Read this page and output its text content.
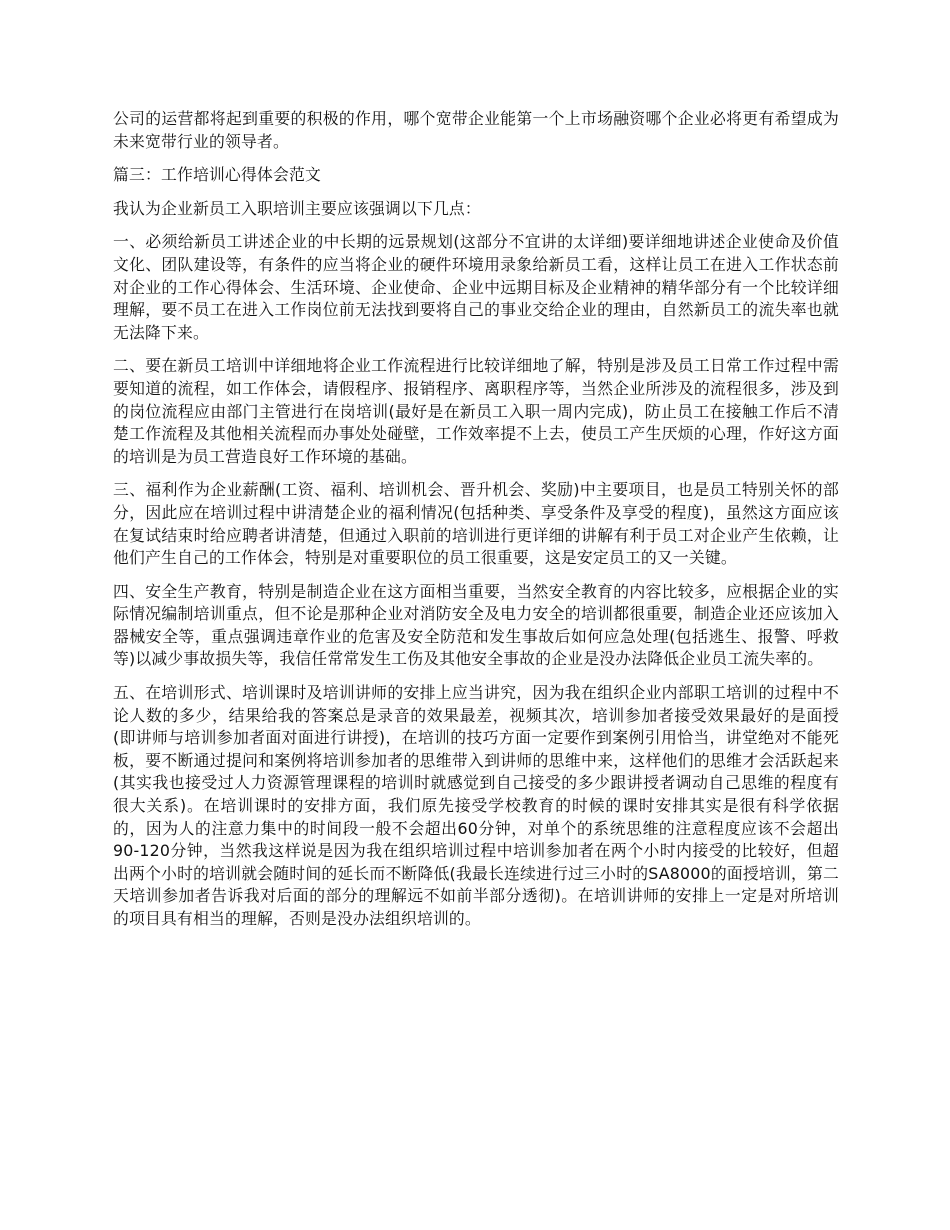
公司的运营都将起到重要的积极的作用，哪个宽带企业能第一个上市场融资哪个企业必将更有希望成为未来宽带行业的领导者。

篇三：工作培训心得体会范文

我认为企业新员工入职培训主要应该强调以下几点：

一、必须给新员工讲述企业的中长期的远景规划(这部分不宜讲的太详细)要详细地讲述企业使命及价值文化、团队建设等，有条件的应当将企业的硬件环境用录象给新员工看，这样让员工在进入工作状态前对企业的工作心得体会、生活环境、企业使命、企业中远期目标及企业精神的精华部分有一个比较详细理解，要不员工在进入工作岗位前无法找到要将自己的事业交给企业的理由，自然新员工的流失率也就无法降下来。

二、要在新员工培训中详细地将企业工作流程进行比较详细地了解，特别是涉及员工日常工作过程中需要知道的流程，如工作体会，请假程序、报销程序、离职程序等，当然企业所涉及的流程很多，涉及到的岗位流程应由部门主管进行在岗培训(最好是在新员工入职一周内完成)，防止员工在接触工作后不清楚工作流程及其他相关流程而办事处处碰壁，工作效率提不上去，使员工产生厌烦的心理，作好这方面的培训是为员工营造良好工作环境的基础。

三、福利作为企业薪酬(工资、福利、培训机会、晋升机会、奖励)中主要项目，也是员工特别关怀的部分，因此应在培训过程中讲清楚企业的福利情况(包括种类、享受条件及享受的程度)，虽然这方面应该在复试结束时给应聘者讲清楚，但通过入职前的培训进行更详细的讲解有利于员工对企业产生依赖，让他们产生自己的工作体会，特别是对重要职位的员工很重要，这是安定员工的又一关键。

四、安全生产教育，特别是制造企业在这方面相当重要，当然安全教育的内容比较多，应根据企业的实际情况编制培训重点，但不论是那种企业对消防安全及电力安全的培训都很重要，制造企业还应该加入器械安全等，重点强调违章作业的危害及安全防范和发生事故后如何应急处理(包括逃生、报警、呼救等)以减少事故损失等，我信任常常发生工伤及其他安全事故的企业是没办法降低企业员工流失率的。

五、在培训形式、培训课时及培训讲师的安排上应当讲究，因为我在组织企业内部职工培训的过程中不论人数的多少，结果给我的答案总是录音的效果最差，视频其次，培训参加者接受效果最好的是面授(即讲师与培训参加者面对面进行讲授)，在培训的技巧方面一定要作到案例引用恰当，讲堂绝对不能死板，要不断通过提问和案例将培训参加者的思维带入到讲师的思维中来，这样他们的思维才会活跃起来(其实我也接受过人力资源管理课程的培训时就感觉到自己接受的多少跟讲授者调动自己思维的程度有很大关系)。在培训课时的安排方面，我们原先接受学校教育的时候的课时安排其实是很有科学依据的，因为人的注意力集中的时间段一般不会超出60分钟，对单个的系统思维的注意程度应该不会超出90-120分钟，当然我这样说是因为我在组织培训过程中培训参加者在两个小时内接受的比较好，但超出两个小时的培训就会随时间的延长而不断降低(我最长连续进行过三小时的SA8000的面授培训，第二天培训参加者告诉我对后面的部分的理解远不如前半部分透彻)。在培训讲师的安排上一定是对所培训的项目具有相当的理解，否则是没办法组织培训的。
